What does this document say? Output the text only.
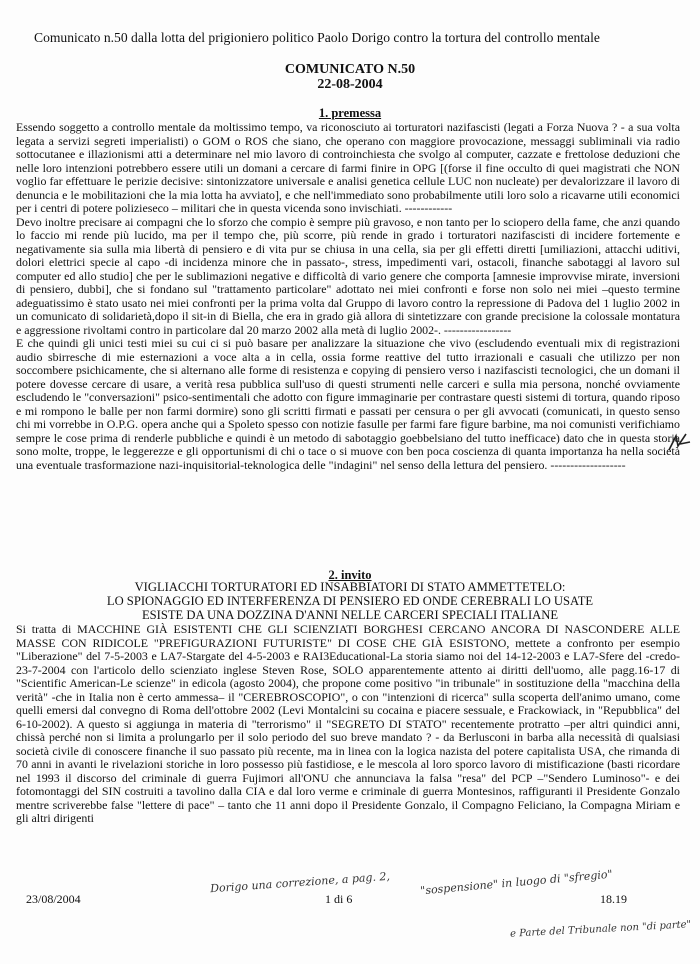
Comunicato n.50 dalla lotta del prigioniero politico Paolo Dorigo contro la tortura del controllo mentale
COMUNICATO N.50
22-08-2004
1. premessa

Essendo soggetto a controllo mentale da moltissimo tempo, va riconosciuto ai torturatori nazifascisti (legati a Forza Nuova ? - a sua volta legata a servizi segreti imperialisti) o GOM o ROS che siano, che operano con maggiore provocazione, messaggi subliminali via radio sottocutanee e illazionismi atti a determinare nel mio lavoro di controinchiesta che svolgo al computer, cazzate e frettolose deduzioni che nelle loro intenzioni potrebbero essere utili un domani a cercare di farmi finire in OPG [(forse il fine occulto di quei magistrati che NON voglio far effettuare le perizie decisive: sintonizzatore universale e analisi genetica cellule LUC non nucleate) per devalorizzare il lavoro di denuncia e le mobilitazioni che la mia lotta ha avviato], e che nell'immediato sono probabilmente utili loro solo a ricavarne utili economici per i centri di potere polizieseco – militari che in questa vicenda sono invischiati. ------------

Devo inoltre precisare ai compagni che lo sforzo che compio è sempre più gravoso, e non tanto per lo sciopero della fame, che anzi quando lo faccio mi rende più lucido, ma per il tempo che, più scorre, più rende in grado i torturatori nazifascisti di incidere fortemente e negativamente sia sulla mia libertà di pensiero e di vita pur se chiusa in una cella, sia per gli effetti diretti [umiliazioni, attacchi uditivi, dolori elettrici specie al capo -di incidenza minore che in passato-, stress, impedimenti vari, ostacoli, finanche sabotaggi al lavoro sul computer ed allo studio] che per le sublimazioni negative e difficoltà di vario genere che comporta [amnesie improvvise mirate, inversioni di pensiero, dubbi], che si fondano sul "trattamento particolare" adottato nei miei confronti e forse non solo nei miei –questo termine adeguatissimo è stato usato nei miei confronti per la prima volta dal Gruppo di lavoro contro la repressione di Padova del 1 luglio 2002 in un comunicato di solidarietà,dopo il sit-in di Biella, che era in grado già allora di sintetizzare con grande precisione la colossale montatura e aggressione rivoltami contro in particolare dal 20 marzo 2002 alla metà di luglio 2002-. -----------------

E che quindi gli unici testi miei su cui ci si può basare per analizzare la situazione che vivo (escludendo eventuali mix di registrazioni audio sbirresche di mie esternazioni a voce alta a in cella, ossia forme reattive del tutto irrazionali e casuali che utilizzo per non soccombere psichicamente, che si alternano alle forme di resistenza e copying di pensiero verso i nazifascisti tecnologici, che un domani il potere dovesse cercare di usare, a verità resa pubblica sull'uso di questi strumenti nelle carceri e sulla mia persona, nonché ovviamente escludendo le "conversazioni" psico-sentimentali che adotto con figure immaginarie per contrastare questi sistemi di tortura, quando riposo e mi rompono le balle per non farmi dormire) sono gli scritti firmati e passati per censura o per gli avvocati (comunicati, in questo senso chi mi vorrebbe in O.P.G. opera anche qui a Spoleto spesso con notizie fasulle per farmi fare figure barbine, ma noi comunisti verifichiamo sempre le cose prima di renderle pubbliche e quindi è un metodo di sabotaggio goebbelsiano del tutto inefficace) dato che in questa storia sono molte, troppe, le leggerezze e gli opportunismi di chi o tace o si muove con ben poca coscienza di quanta importanza ha nella società una eventuale trasformazione nazi-inquisitorial-teknologica delle "indagini" nel senso della lettura del pensiero. -------------------

2. invito
VIGLIACCHI TORTURATORI ED INSABBIATORI DI STATO AMMETTETELO:
LO SPIONAGGIO ED INTERFERENZA DI PENSIERO ED ONDE CEREBRALI LO USATE
ESISTE DA UNA DOZZINA D'ANNI NELLE CARCERI SPECIALI ITALIANE

Si tratta di MACCHINE GIÀ ESISTENTI CHE GLI SCIENZIATI BORGHESI CERCANO ANCORA DI NASCONDERE ALLE MASSE CON RIDICOLE "PREFIGURAZIONI FUTURISTE" DI COSE CHE GIÀ ESISTONO, mettete a confronto per esempio "Liberazione" del 7-5-2003 e LA7-Stargate del 4-5-2003 e RAI3Educational-La storia siamo noi del 14-12-2003 e LA7-Sfere del -credo- 23-7-2004 con l'articolo dello scienziato inglese Steven Rose, SOLO apparentemente attento ai diritti dell'uomo, alle pagg.16-17 di "Scientific American-Le scienze" in edicola (agosto 2004), che propone come positivo "in tribunale" in sostituzione della "macchina della verità" -che in Italia non è certo ammessa– il "CEREBROSCOPIO", o con "intenzioni di ricerca" sulla scoperta dell'animo umano, come quelli emersi dal convegno di Roma dell'ottobre 2002 (Levi Montalcini su cocaina e piacere sessuale, e Frackowiack, in "Repubblica" del 6-10-2002). A questo si aggiunga in materia di "terrorismo" il "SEGRETO DI STATO" recentemente protratto –per altri quindici anni, chissà perché non si limita a prolungarlo per il solo periodo del suo breve mandato ? - da Berlusconi in barba alla necessità di qualsiasi società civile di conoscere finanche il suo passato più recente, ma in linea con la logica nazista del potere capitalista USA, che rimanda di 70 anni in avanti le rivelazioni storiche in loro possesso più fastidiose, e le mescola al loro sporco lavoro di mistificazione (basti ricordare nel 1993 il discorso del criminale di guerra Fujimori all'ONU che annunciava la falsa "resa" del PCP –"Sendero Luminoso"- e dei fotomontaggi del SIN costruiti a tavolino dalla CIA e dal loro verme e criminale di guerra Montesinos, raffiguranti il Presidente Gonzalo mentre scriverebbe false "lettere di pace" – tanto che 11 anni dopo il Presidente Gonzalo, il Compagno Feliciano, la Compagna Miriam e gli altri dirigenti

23/08/2004	1 di 6	18.19
Dorigo una correzione, a pag. 2,	"sospensione" in luogo di "sfregio"
e Parte del Tribunale non "di parte"
